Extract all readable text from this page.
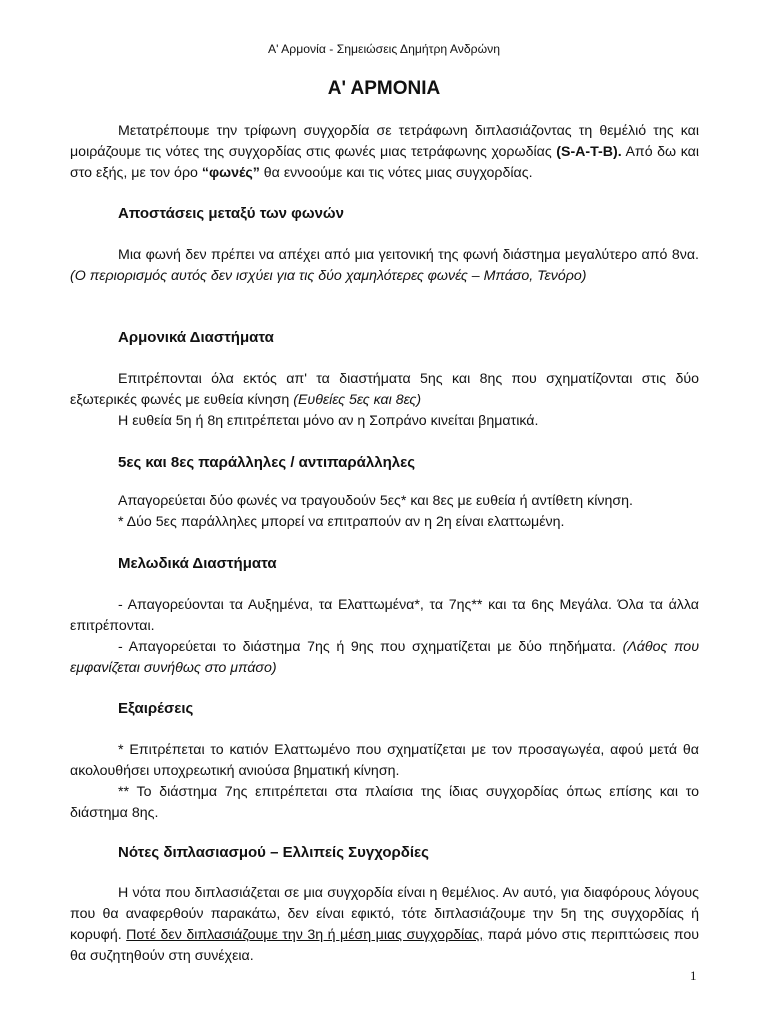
Α' Αρμονία - Σημειώσεις Δημήτρη Ανδρώνη
Α' ΑΡΜΟΝΙΑ

Μετατρέπουμε την τρίφωνη συγχορδία σε τετράφωνη διπλασιάζοντας τη θεμέλιό της και μοιράζουμε τις νότες της συγχορδίας στις φωνές μιας τετράφωνης χορωδίας (S-A-T-B). Από δω και στο εξής, με τον όρο “φωνές” θα εννοούμε και τις νότες μιας συγχορδίας.

Αποστάσεις μεταξύ των φωνών

Μια φωνή δεν πρέπει να απέχει από μια γειτονική της φωνή διάστημα μεγαλύτερο από 8να. (Ο περιορισμός αυτός δεν ισχύει για τις δύο χαμηλότερες φωνές – Μπάσο, Τενόρο)

Αρμονικά Διαστήματα

Επιτρέπονται όλα εκτός απ' τα διαστήματα 5ης και 8ης που σχηματίζονται στις δύο εξωτερικές φωνές με ευθεία κίνηση (Ευθείες 5ες και 8ες)

Η ευθεία 5η ή 8η επιτρέπεται μόνο αν η Σοπράνο κινείται βηματικά.

5ες και 8ες παράλληλες / αντιπαράλληλες

Απαγορεύεται δύο φωνές να τραγουδούν 5ες* και 8ες με ευθεία ή αντίθετη κίνηση.

* Δύο 5ες παράλληλες μπορεί να επιτραπούν αν η 2η είναι ελαττωμένη.

Μελωδικά Διαστήματα

- Απαγορεύονται τα Αυξημένα, τα Ελαττωμένα*, τα 7ης** και τα 6ης Μεγάλα. Όλα τα άλλα επιτρέπονται.

- Απαγορεύεται το διάστημα 7ης ή 9ης που σχηματίζεται με δύο πηδήματα. (Λάθος που εμφανίζεται συνήθως στο μπάσο)

Εξαιρέσεις

* Επιτρέπεται το κατιόν Ελαττωμένο που σχηματίζεται με τον προσαγωγέα, αφού μετά θα ακολουθήσει υποχρεωτική ανιούσα βηματική κίνηση.

** Το διάστημα 7ης επιτρέπεται στα πλαίσια της ίδιας συγχορδίας όπως επίσης και το διάστημα 8ης.

Νότες διπλασιασμού – Ελλιπείς Συγχορδίες

Η νότα που διπλασιάζεται σε μια συγχορδία είναι η θεμέλιος. Αν αυτό, για διαφόρους λόγους που θα αναφερθούν παρακάτω, δεν είναι εφικτό, τότε διπλασιάζουμε την 5η της συγχορδίας ή κορυφή. Ποτέ δεν διπλασιάζουμε την 3η ή μέση μιας συγχορδίας, παρά μόνο στις περιπτώσεις που θα συζητηθούν στη συνέχεια.

1
